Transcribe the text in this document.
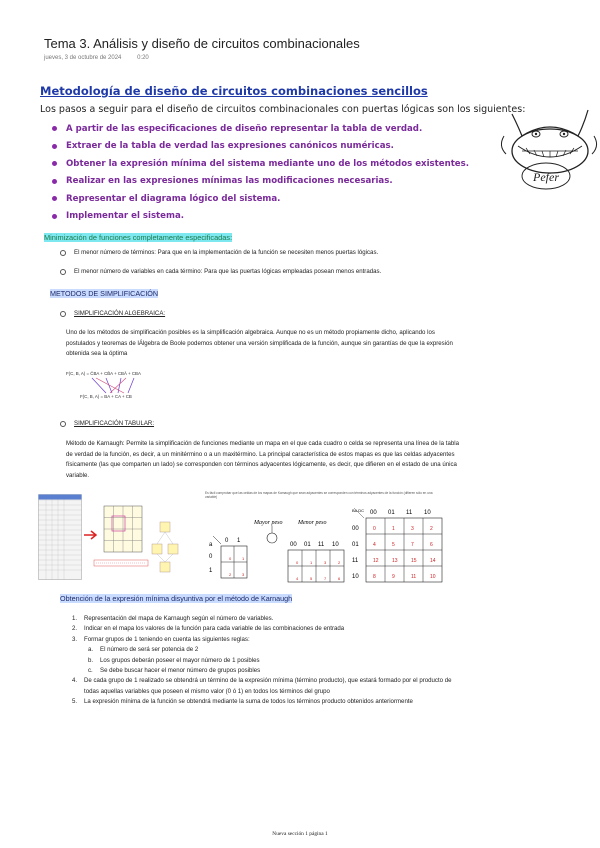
Tema 3. Análisis y diseño de circuitos combinacionales
jueves, 3 de octubre de 2024	0:20
Metodología de diseño de circuitos combinaciones sencillos
Los pasos a seguir para el diseño de circuitos combinacionales con puertas lógicas son los siguientes:
A partir de las especificaciones de diseño representar la tabla de verdad.
Extraer de la tabla de verdad las expresiones canónicos numéricas.
Obtener la expresión mínima del sistema mediante uno de los métodos existentes.
Realizar en las expresiones mínimas las modificaciones necesarias.
Representar el diagrama lógico del sistema.
Implementar el sistema.
Pefer
Minimización de funciones completamente especificadas:
El menor número de términos: Para que en la implementación de la función se necesiten menos puertas lógicas.
El menor número de variables en cada término: Para que las puertas lógicas empleadas posean menos entradas.
METODOS DE SIMPLIFICACIÓN
SIMPLIFICACIÓN ALGEBRAICA:
Uno de los métodos de simplificación posibles es la simplificación algebraica. Aunque no es un método propiamente dicho, aplicando los postulados y teoremas de lÁlgebra de Boole podemos obtener una versión simplificada de la función, aunque sin garantías de que la expresión obtenida sea la óptima
F(C, B, A) = C̄BA + CB̄A + CBĀ + CBA
F(C, B, A) = BA + CA + CB
SIMPLIFICACIÓN TABULAR:
Método de Karnaugh: Permite la simplificación de funciones mediante un mapa en el que cada cuadro o celda se representa una línea de la tabla de verdad de la función, es decir, a un minitérmino o a un maxitérmino. La principal característica de estos mapas es que las celdas adyacentes físicamente (las que comparten un lado) se corresponden con términos adyacentes lógicamente, es decir, que difieren en el estado de una única variable.
Es fácil comprobar que las celdas de los mapas de Karnaugh que sean adyacentes se corresponden con términos adyacentes de la función (difieren sólo en una variable)
a
0 1
0
1
0	1
2	3
Mayor peso	Menor peso
00 01 11 10
0	1	3	2
4	5	7	6
BA DC 00 01 11 10
00
01
11
10
0	1	3	2
4	5	7	6
12	13	15	14
8	9	11	10
Obtención de la expresión mínima disyuntiva por el método de Karnaugh
1. Representación del mapa de Karnaugh según el número de variables.
2. Indicar en el mapa los valores de la función para cada variable de las combinaciones de entrada
3. Formar grupos de 1 teniendo en cuenta las siguientes reglas:
a. El número de será ser potencia de 2
b. Los grupos deberán poseer el mayor número de 1 posibles
c. Se debe buscar hacer el menor número de grupos posibles
4. De cada grupo de 1 realizado se obtendrá un término de la expresión mínima (término producto), que estará formado por el producto de todas aquellas variables que poseen el mismo valor (0 ó 1) en todos los términos del grupo
5. La expresión mínima de la función se obtendrá mediante la suma de todos los términos producto obtenidos anteriormente
Nueva sección 1 página 1
